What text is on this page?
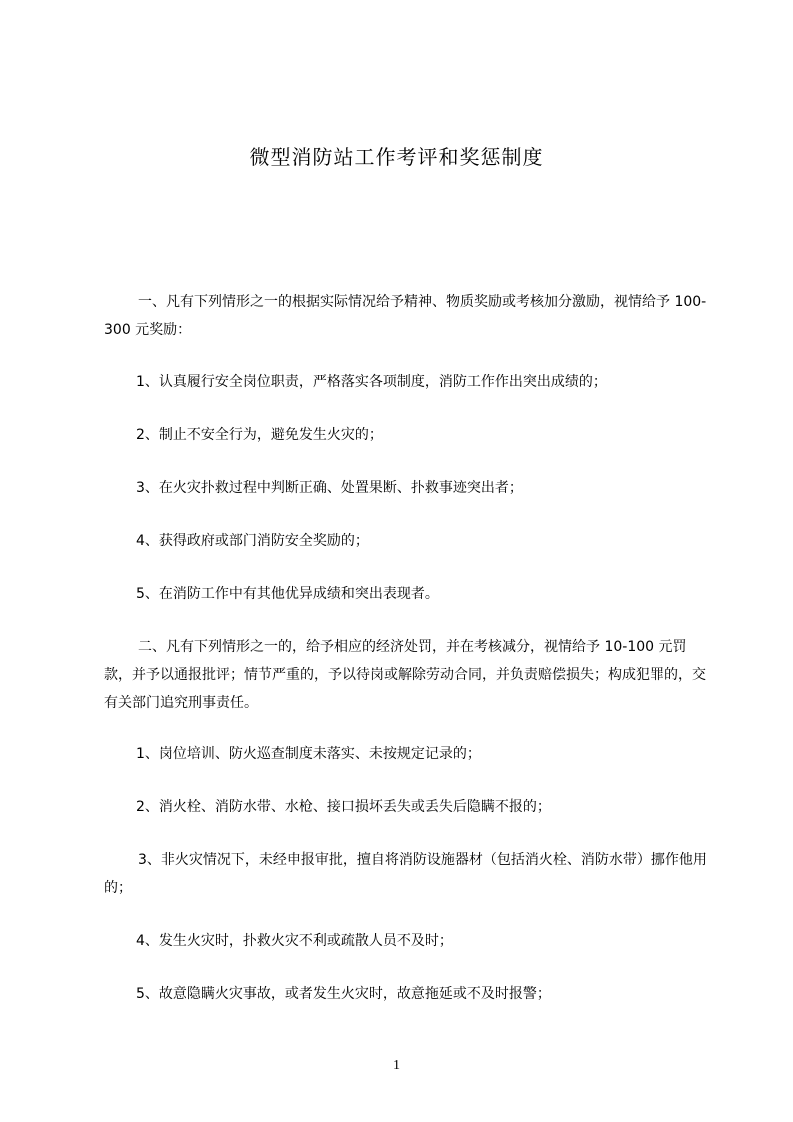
微型消防站工作考评和奖惩制度

一、凡有下列情形之一的根据实际情况给予精神、物质奖励或考核加分激励，视情给予 100-300 元奖励：

1、认真履行安全岗位职责，严格落实各项制度，消防工作作出突出成绩的；

2、制止不安全行为，避免发生火灾的；

3、在火灾扑救过程中判断正确、处置果断、扑救事迹突出者；

4、获得政府或部门消防安全奖励的；

5、在消防工作中有其他优异成绩和突出表现者。

二、凡有下列情形之一的，给予相应的经济处罚，并在考核减分，视情给予 10-100 元罚款，并予以通报批评；情节严重的，予以待岗或解除劳动合同，并负责赔偿损失；构成犯罪的，交有关部门追究刑事责任。

1、岗位培训、防火巡查制度未落实、未按规定记录的；

2、消火栓、消防水带、水枪、接口损坏丢失或丢失后隐瞒不报的；

3、非火灾情况下，未经申报审批，擅自将消防设施器材（包括消火栓、消防水带）挪作他用的；

4、发生火灾时，扑救火灾不利或疏散人员不及时；

5、故意隐瞒火灾事故，或者发生火灾时，故意拖延或不及时报警；

1
